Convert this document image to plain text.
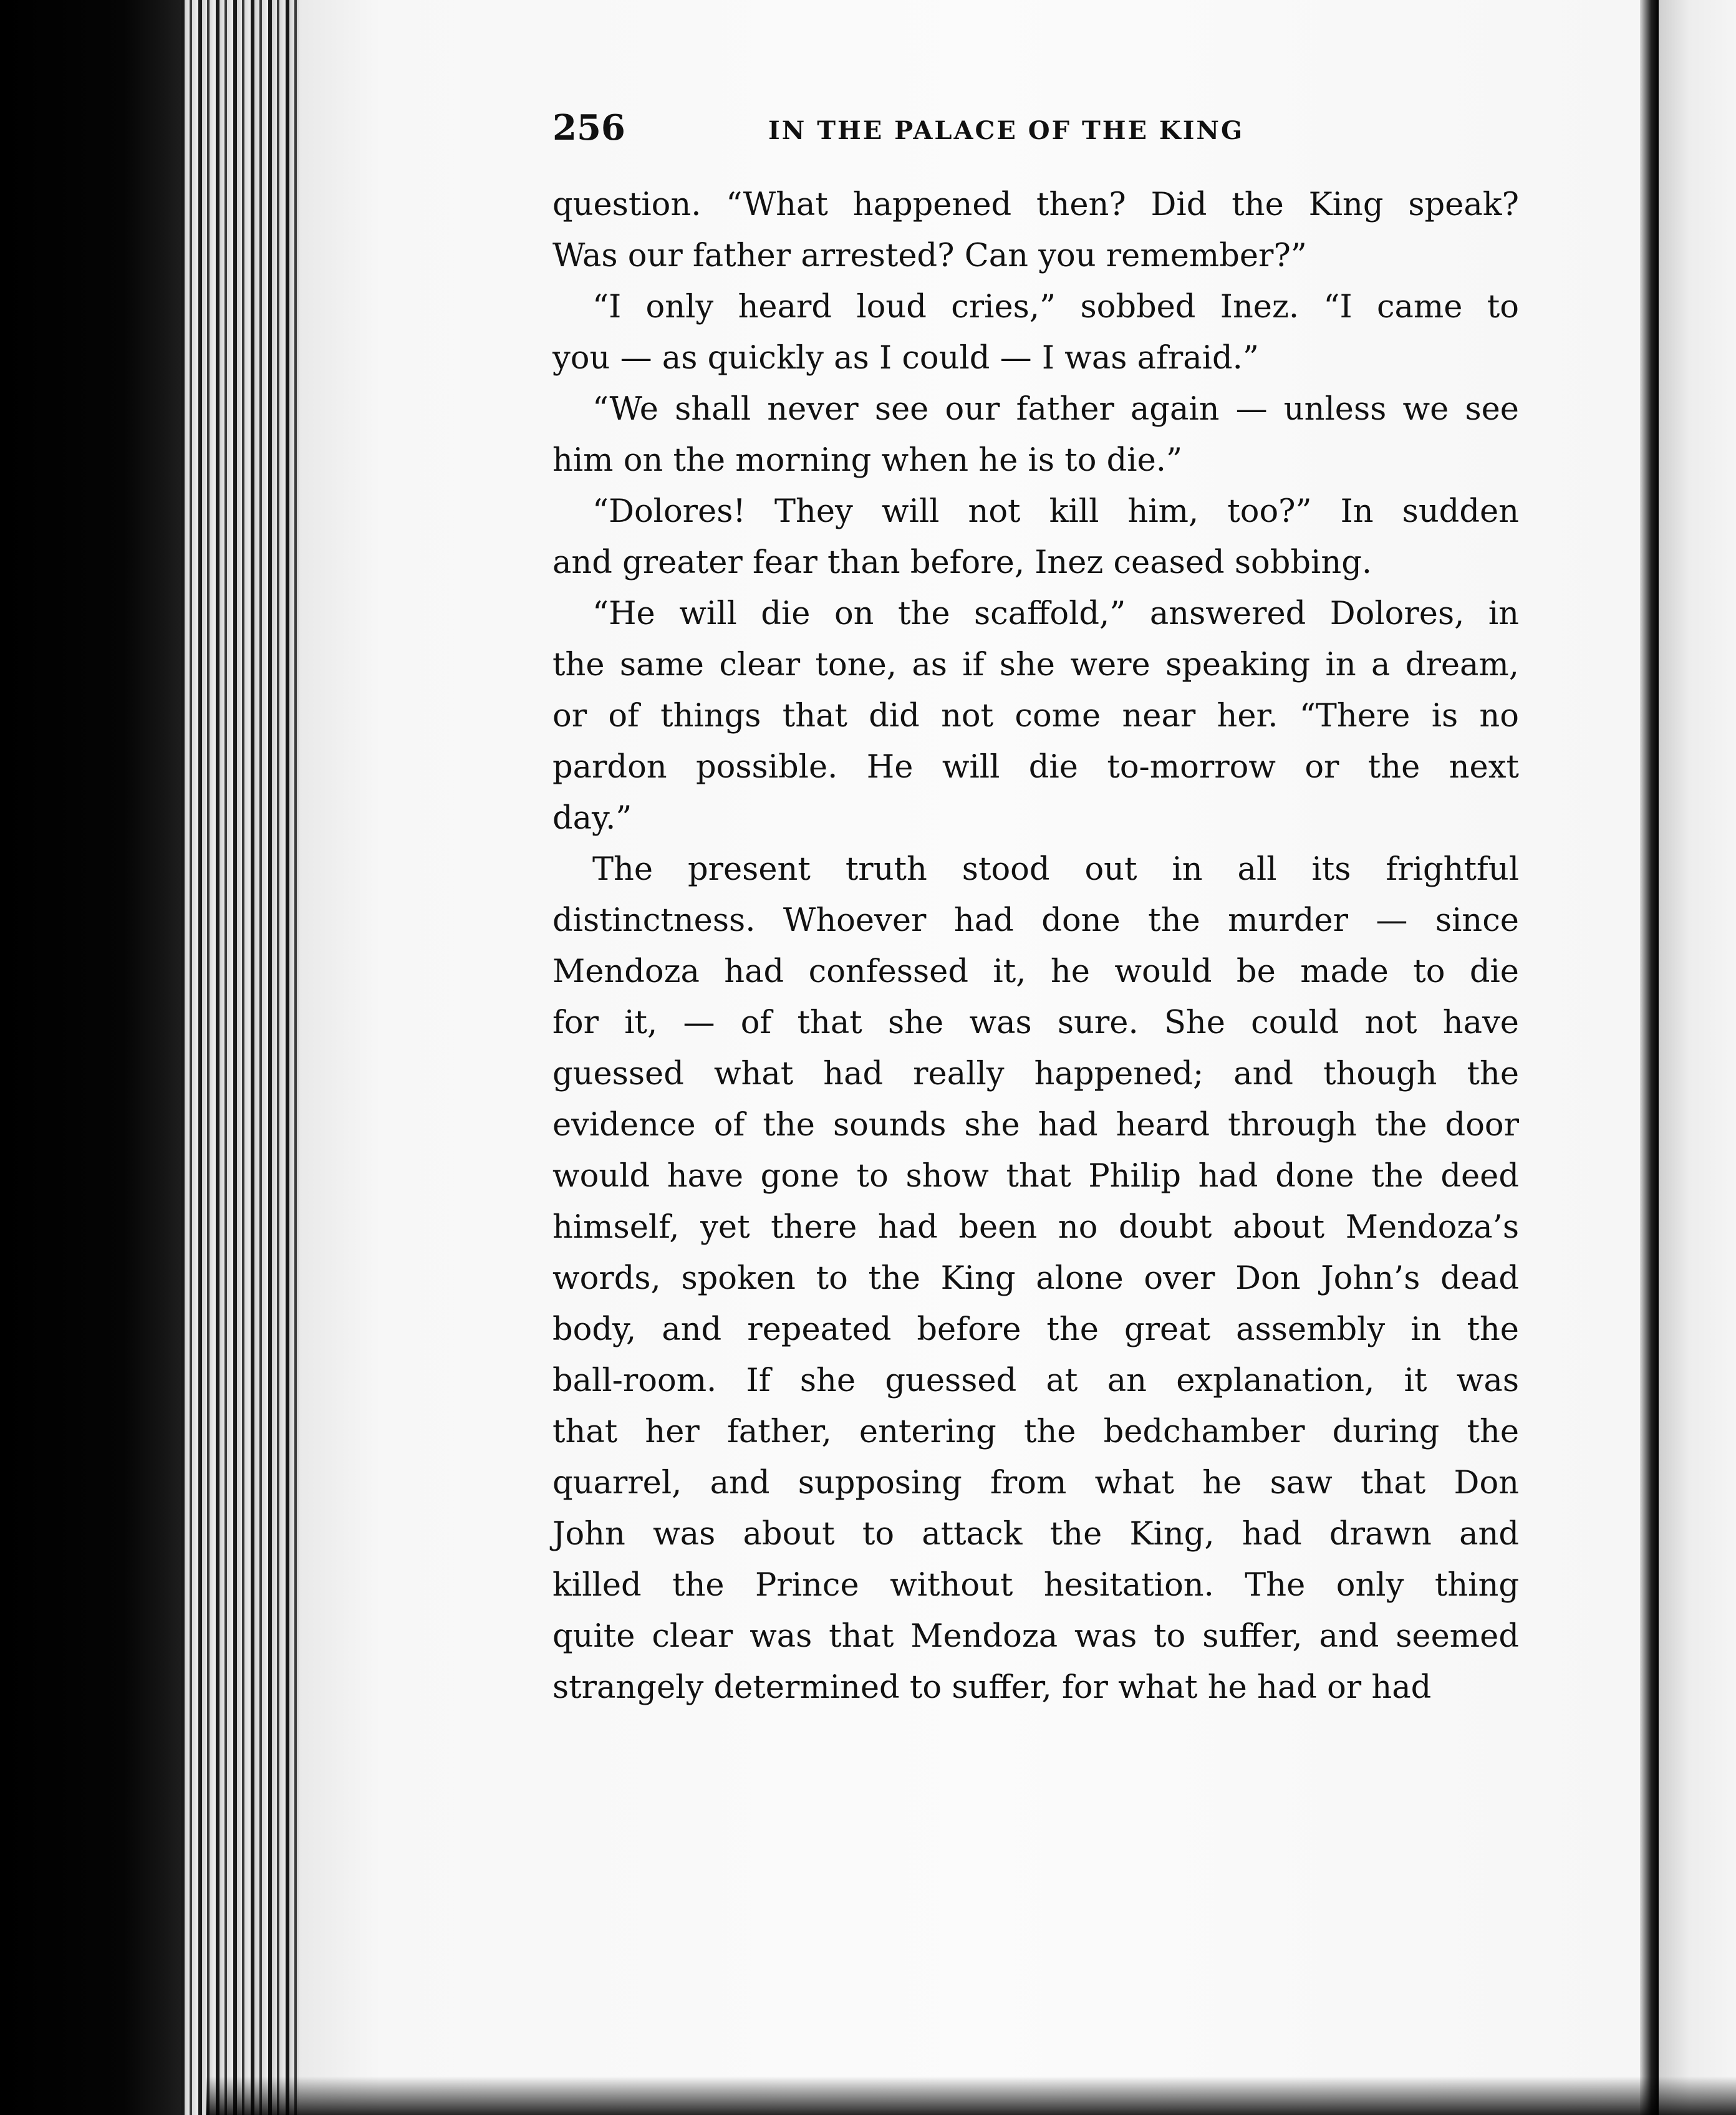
256	IN THE PALACE OF THE KING
question. “What happened then? Did the King speak?
Was our father arrested? Can you remember?”
“I only heard loud cries,” sobbed Inez. “I came to
you — as quickly as I could — I was afraid.”
“We shall never see our father again — unless we see
him on the morning when he is to die.”
“Dolores! They will not kill him, too?” In sudden
and greater fear than before, Inez ceased sobbing.
“He will die on the scaffold,” answered Dolores, in
the same clear tone, as if she were speaking in a dream,
or of things that did not come near her. “There is no
pardon possible. He will die to-morrow or the next
day.”
The present truth stood out in all its frightful
distinctness. Whoever had done the murder — since
Mendoza had confessed it, he would be made to die
for it, — of that she was sure. She could not have
guessed what had really happened; and though the
evidence of the sounds she had heard through the door
would have gone to show that Philip had done the deed
himself, yet there had been no doubt about Mendoza’s
words, spoken to the King alone over Don John’s dead
body, and repeated before the great assembly in the
ball-room. If she guessed at an explanation, it was
that her father, entering the bedchamber during the
quarrel, and supposing from what he saw that Don
John was about to attack the King, had drawn and
killed the Prince without hesitation. The only thing
quite clear was that Mendoza was to suffer, and seemed
strangely determined to suffer, for what he had or had
